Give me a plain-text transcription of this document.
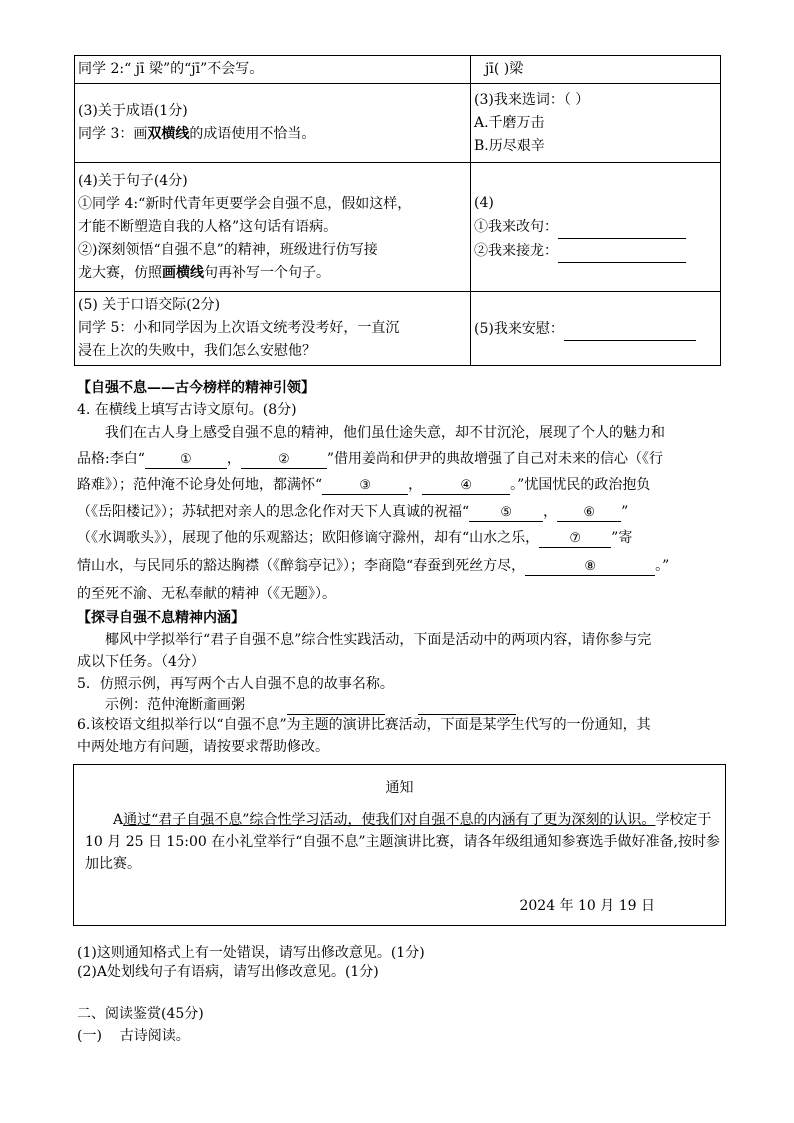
同学 2:“ jī 梁”的“jī”不会写。	jī( )梁

(3)关于成语(1分)
同学 3：画双横线的成语使用不恰当。	(3)我来选词：（ ）
A.千磨万击
B.历尽艰辛

(4)关于句子(4分)
①同学 4:“新时代青年更要学会自强不息，假如这样，
才能不断塑造自我的人格”这句话有语病。
②)深刻领悟“自强不息”的精神，班级进行仿写接
龙大赛，仿照画横线句再补写一个句子。	(4)
①我来改句：
②我来接龙：

(5) 关于口语交际(2分)
同学 5：小和同学因为上次语文统考没考好，一直沉
浸在上次的失败中，我们怎么安慰他？	(5)我来安慰：
【自强不息——古今榜样的精神引领】
4. 在横线上填写古诗文原句。(8分)
我们在古人身上感受自强不息的精神，他们虽仕途失意，却不甘沉沦，展现了个人的魅力和
品格:李白“	①	，	②	”借用姜尚和伊尹的典故增强了自己对未来的信心（《行
路难》）；范仲淹不论身处何地，都满怀“	③	，	④	。”忧国忧民的政治抱负
（《岳阳楼记》）；苏轼把对亲人的思念化作对天下人真诚的祝福“ ⑤ ， ⑥ ”
（《水调歌头》），展现了他的乐观豁达；欧阳修谪守滁州，却有“山水之乐， ⑦ ”寄
情山水，与民同乐的豁达胸襟（《醉翁亭记》）；李商隐“春蚕到死丝方尽，	⑧	。”
的至死不渝、无私奉献的精神（《无题》）。
【探寻自强不息精神内涵】
椰风中学拟举行“君子自强不息”综合性实践活动，下面是活动中的两项内容，请你参与完
成以下任务。（4分）
5．仿照示例，再写两个古人自强不息的故事名称。
示例：范仲淹断齑画粥
6.该校语文组拟举行以“自强不息”为主题的演讲比赛活动，下面是某学生代写的一份通知，其
中两处地方有问题，请按要求帮助修改。
通知
A通过“君子自强不息”综合性学习活动，使我们对自强不息的内涵有了更为深刻的认识。学校定于 10 月 25 日 15:00 在小礼堂举行“自强不息”主题演讲比赛，请各年级组通知参赛选手做好准备,按时参加比赛。
2024 年 10 月 19 日
(1)这则通知格式上有一处错误，请写出修改意见。(1分)
(2)A处划线句子有语病，请写出修改意见。(1分)
二、阅读鉴赏(45分)
(一)    古诗阅读。
